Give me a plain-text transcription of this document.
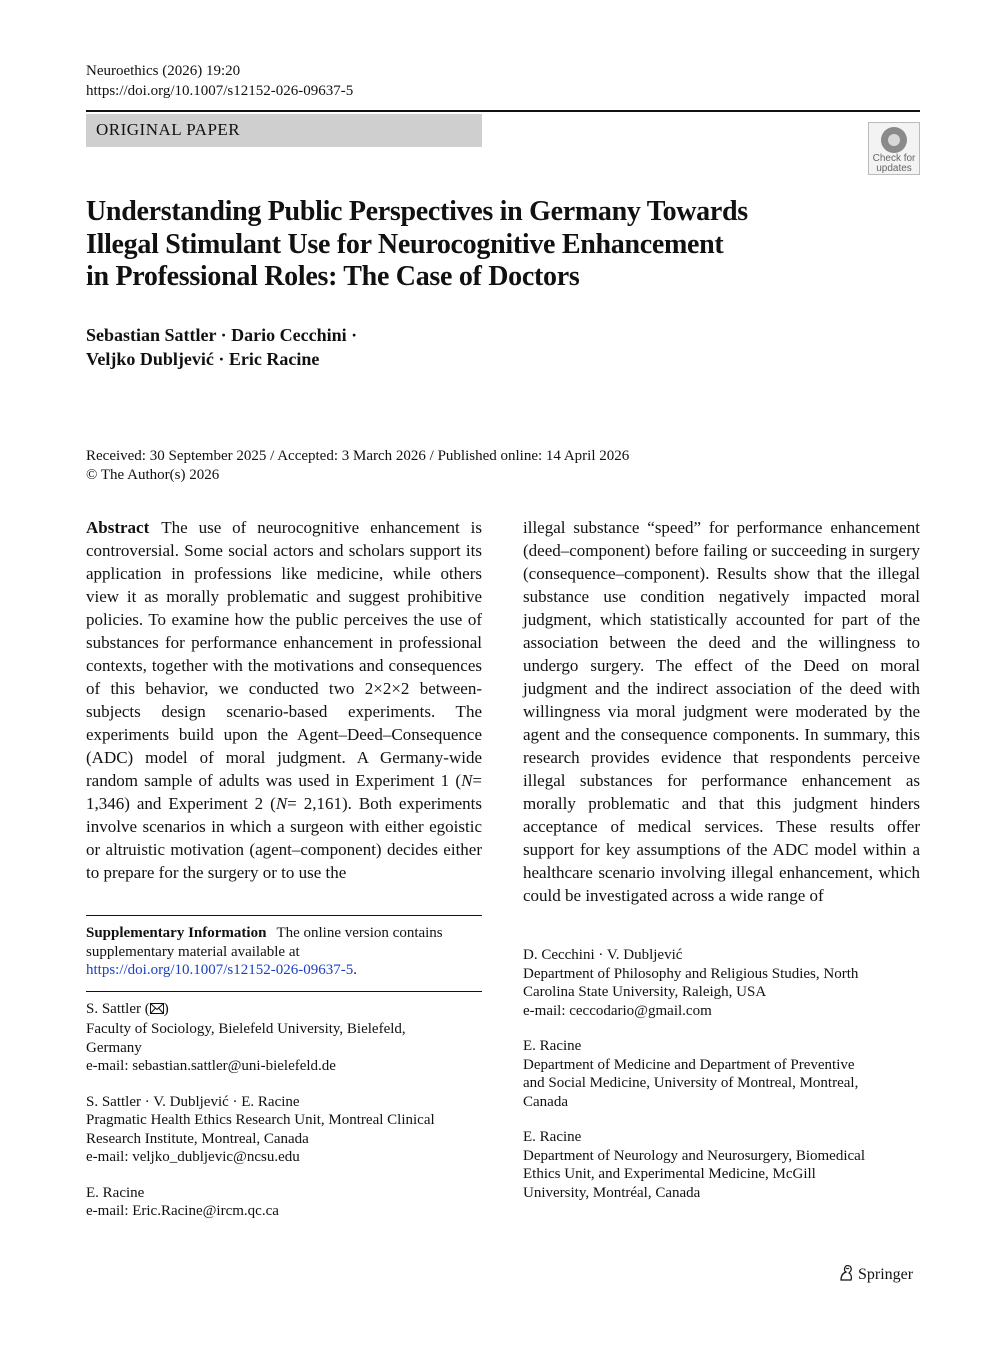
Neuroethics (2026) 19:20
https://doi.org/10.1007/s12152-026-09637-5
ORIGINAL PAPER
Check for
updates
Understanding Public Perspectives in Germany Towards
Illegal Stimulant Use for Neurocognitive Enhancement
in Professional Roles: The Case of Doctors
Sebastian Sattler · Dario Cecchini ·
Veljko Dubljević · Eric Racine
Received: 30 September 2025 / Accepted: 3 March 2026 / Published online: 14 April 2026
© The Author(s) 2026
Abstract The use of neurocognitive enhancement is controversial. Some social actors and scholars support its application in professions like medicine, while others view it as morally problematic and suggest prohibitive policies. To examine how the public perceives the use of substances for performance enhancement in professional contexts, together with the motivations and consequences of this behavior, we conducted two 2×2×2 between-subjects design scenario-based experiments. The experiments build upon the Agent–Deed–Consequence (ADC) model of moral judgment. A Germany-wide random sample of adults was used in Experiment 1 (N= 1,346) and Experiment 2 (N= 2,161). Both experiments involve scenarios in which a surgeon with either egoistic or altruistic motivation (agent–component) decides either to prepare for the surgery or to use the
Supplementary Information The online version contains supplementary material available at https://doi.org/10.1007/s12152-026-09637-5.
S. Sattler ( )
Faculty of Sociology, Bielefeld University, Bielefeld,
Germany
e-mail: sebastian.sattler@uni-bielefeld.de
S. Sattler · V. Dubljević · E. Racine
Pragmatic Health Ethics Research Unit, Montreal Clinical
Research Institute, Montreal, Canada
e-mail: veljko_dubljevic@ncsu.edu
E. Racine
e-mail: Eric.Racine@ircm.qc.ca
illegal substance “speed” for performance enhancement (deed–component) before failing or succeeding in surgery (consequence–component). Results show that the illegal substance use condition negatively impacted moral judgment, which statistically accounted for part of the association between the deed and the willingness to undergo surgery. The effect of the Deed on moral judgment and the indirect association of the deed with willingness via moral judgment were moderated by the agent and the consequence components. In summary, this research provides evidence that respondents perceive illegal substances for performance enhancement as morally problematic and that this judgment hinders acceptance of medical services. These results offer support for key assumptions of the ADC model within a healthcare scenario involving illegal enhancement, which could be investigated across a wide range of
D. Cecchini · V. Dubljević
Department of Philosophy and Religious Studies, North
Carolina State University, Raleigh, USA
e-mail: ceccodario@gmail.com
E. Racine
Department of Medicine and Department of Preventive
and Social Medicine, University of Montreal, Montreal,
Canada
E. Racine
Department of Neurology and Neurosurgery, Biomedical
Ethics Unit, and Experimental Medicine, McGill
University, Montréal, Canada
Springer
